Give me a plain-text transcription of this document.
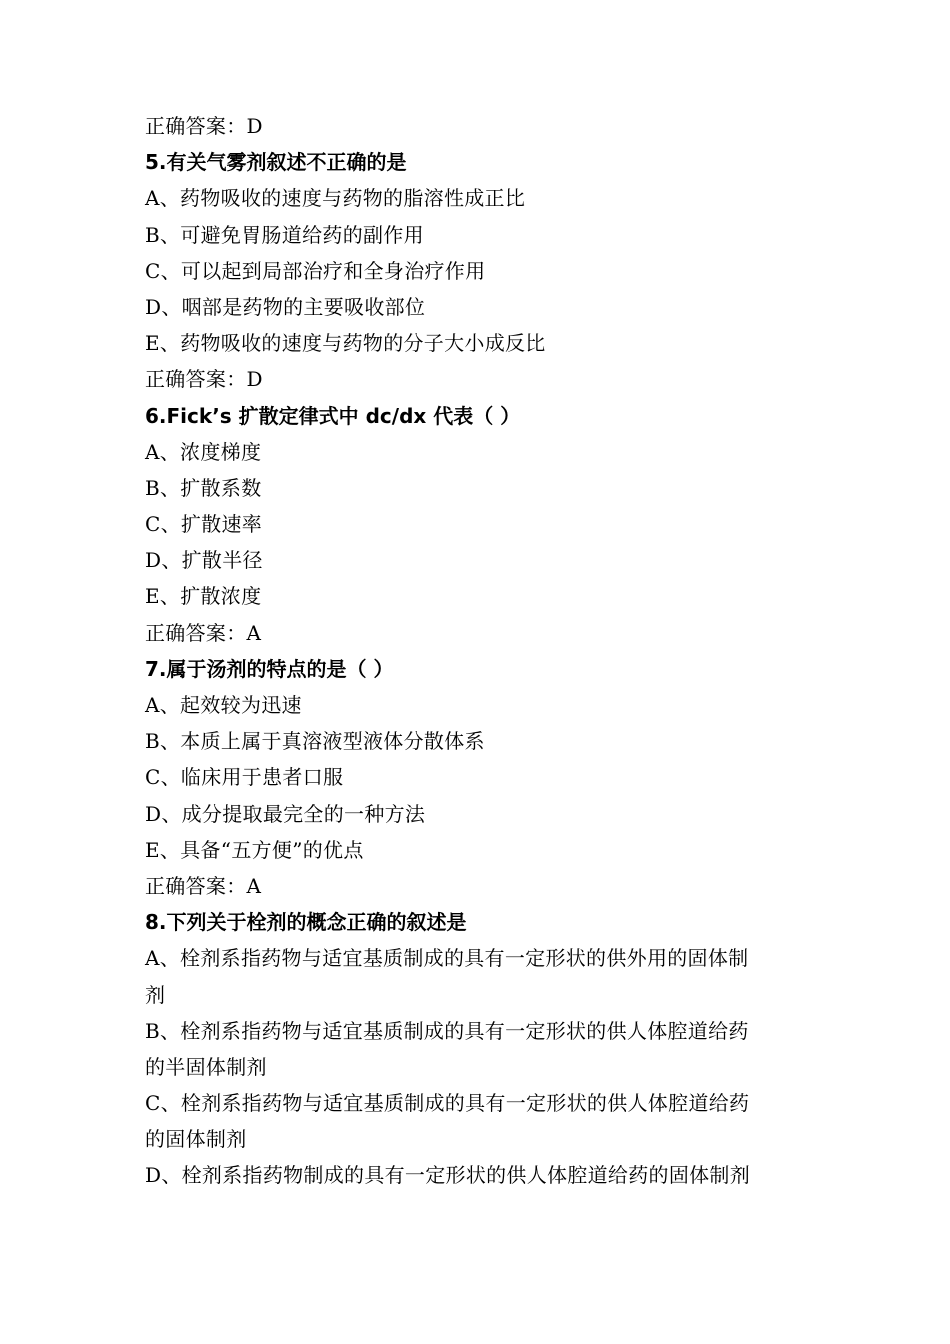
正确答案：D
5.有关气雾剂叙述不正确的是
A、药物吸收的速度与药物的脂溶性成正比
B、可避免胃肠道给药的副作用
C、可以起到局部治疗和全身治疗作用
D、咽部是药物的主要吸收部位
E、药物吸收的速度与药物的分子大小成反比
正确答案：D
6.Fick’s 扩散定律式中 dc/dx 代表（ ）
A、浓度梯度
B、扩散系数
C、扩散速率
D、扩散半径
E、扩散浓度
正确答案：A
7.属于汤剂的特点的是（ ）
A、起效较为迅速
B、本质上属于真溶液型液体分散体系
C、临床用于患者口服
D、成分提取最完全的一种方法
E、具备“五方便”的优点
正确答案：A
8.下列关于栓剂的概念正确的叙述是
A、栓剂系指药物与适宜基质制成的具有一定形状的供外用的固体制
剂
B、栓剂系指药物与适宜基质制成的具有一定形状的供人体腔道给药
的半固体制剂
C、栓剂系指药物与适宜基质制成的具有一定形状的供人体腔道给药
的固体制剂
D、栓剂系指药物制成的具有一定形状的供人体腔道给药的固体制剂
